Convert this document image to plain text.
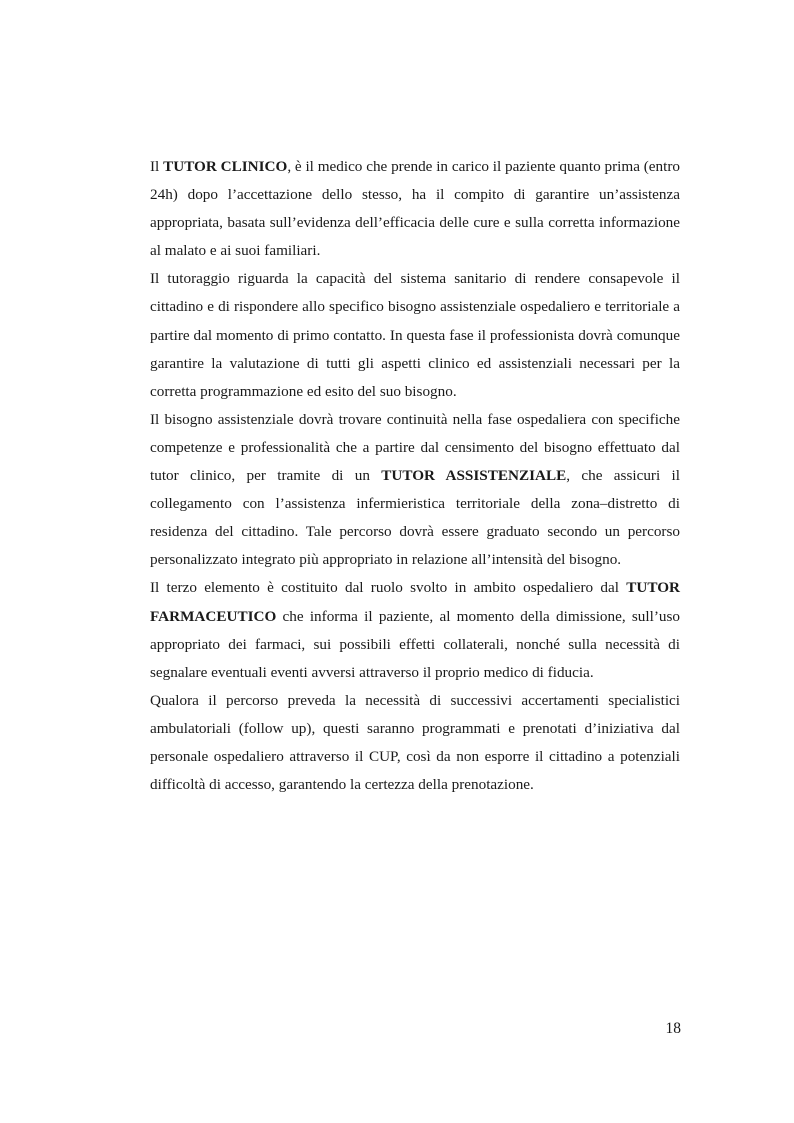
Il TUTOR CLINICO, è il medico che prende in carico il paziente quanto prima (entro 24h) dopo l’accettazione dello stesso, ha il compito di garantire un’assistenza appropriata, basata sull’evidenza dell’efficacia delle cure e sulla corretta informazione al malato e ai suoi familiari.

Il tutoraggio riguarda la capacità del sistema sanitario di rendere consapevole il cittadino e di rispondere allo specifico bisogno assistenziale ospedaliero e territoriale a partire dal momento di primo contatto. In questa fase il professionista dovrà comunque garantire la valutazione di tutti gli aspetti clinico ed assistenziali necessari per la corretta programmazione ed esito del suo bisogno.

Il bisogno assistenziale dovrà trovare continuità nella fase ospedaliera con specifiche competenze e professionalità che a partire dal censimento del bisogno effettuato dal tutor clinico, per tramite di un TUTOR ASSISTENZIALE, che assicuri il collegamento con l’assistenza infermieristica territoriale della zona–distretto di residenza del cittadino. Tale percorso dovrà essere graduato secondo un percorso personalizzato integrato più appropriato in relazione all’intensità del bisogno.

Il terzo elemento è costituito dal ruolo svolto in ambito ospedaliero dal TUTOR FARMACEUTICO che informa il paziente, al momento della dimissione, sull’uso appropriato dei farmaci, sui possibili effetti collaterali, nonché sulla necessità di segnalare eventuali eventi avversi attraverso il proprio medico di fiducia.

Qualora il percorso preveda la necessità di successivi accertamenti specialistici ambulatoriali (follow up), questi saranno programmati e prenotati d’iniziativa dal personale ospedaliero attraverso il CUP, così da non esporre il cittadino a potenziali difficoltà di accesso, garantendo la certezza della prenotazione.

18
